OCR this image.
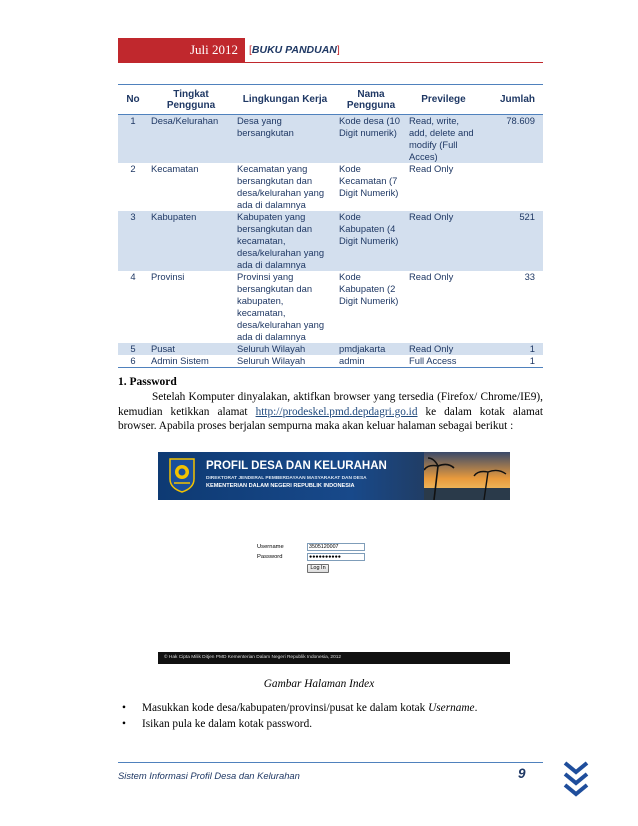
Juli 2012	[BUKU PANDUAN]
No	Tingkat Pengguna	Lingkungan Kerja	Nama Pengguna	Previlege	Jumlah
1	Desa/Kelurahan	Desa yang bersangkutan	Kode desa (10 Digit numerik)	Read, write, add, delete and modify (Full Acces)	78.609
2	Kecamatan	Kecamatan yang bersangkutan dan desa/kelurahan yang ada di dalamnya	Kode Kecamatan (7 Digit Numerik)	Read Only	
3	Kabupaten	Kabupaten yang bersangkutan dan kecamatan, desa/kelurahan yang ada di dalamnya	Kode Kabupaten (4 Digit Numerik)	Read Only	521
4	Provinsi	Provinsi yang bersangkutan dan kabupaten, kecamatan, desa/kelurahan yang ada di dalamnya	Kode Kabupaten (2 Digit Numerik)	Read Only	33
5	Pusat	Seluruh Wilayah	pmdjakarta	Read Only	1
6	Admin Sistem	Seluruh Wilayah	admin	Full Access	1
1. Password
Setelah Komputer dinyalakan, aktifkan browser yang tersedia (Firefox/ Chrome/IE9), kemudian ketikkan alamat http://prodeskel.pmd.depdagri.go.id ke dalam kotak alamat browser. Apabila proses berjalan sempurna maka akan keluar halaman sebagai berikut :
PROFIL DESA DAN KELURAHAN
DIREKTORAT JENDERAL PEMBERDAYAAN MASYARAKAT DAN DESA
KEMENTERIAN DALAM NEGERI REPUBLIK INDONESIA
Username	3505120007
Password	●●●●●●●●●●
Log In
© Hak Cipta Milik Ditjen PMD Kementerian Dalam Negeri Republik Indonesia, 2012
Gambar Halaman Index
• Masukkan kode desa/kabupaten/provinsi/pusat ke dalam kotak Username.
• Isikan pula ke dalam kotak password.
Sistem Informasi Profil Desa dan Kelurahan	9
